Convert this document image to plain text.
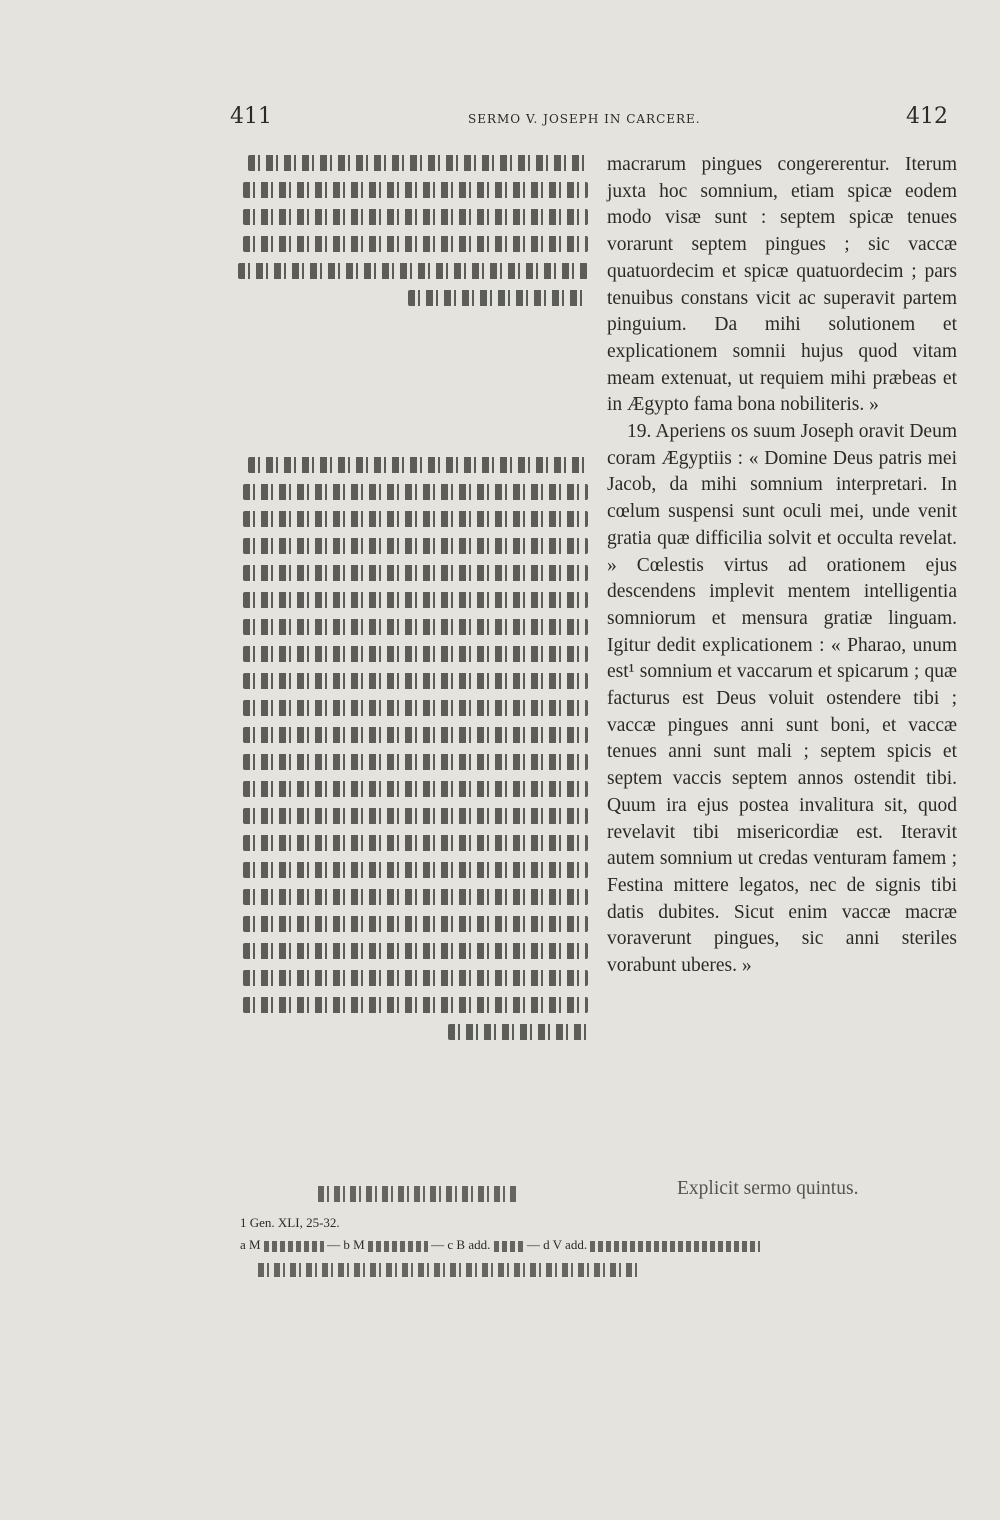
411	SERMO V. JOSEPH IN CARCERE.	412

macrarum pingues congererentur. Iterum juxta hoc somnium, etiam spicæ eodem modo visæ sunt : septem spicæ tenues vorarunt septem pingues ; sic vaccæ quatuordecim et spicæ quatuordecim ; pars tenuibus constans vicit ac superavit partem pinguium. Da mihi solutionem et explicationem somnii hujus quod vitam meam extenuat, ut requiem mihi præbeas et in Ægypto fama bona nobiliteris. »

19. Aperiens os suum Joseph oravit Deum coram Ægyptiis : « Domine Deus patris mei Jacob, da mihi somnium interpretari. In cœlum suspensi sunt oculi mei, unde venit gratia quæ difficilia solvit et occulta revelat. » Cœlestis virtus ad orationem ejus descendens implevit mentem intelligentia somniorum et mensura gratiæ linguam. Igitur dedit explicationem : « Pharao, unum est¹ somnium et vaccarum et spicarum ; quæ facturus est Deus voluit ostendere tibi ; vaccæ pingues anni sunt boni, et vaccæ tenues anni sunt mali ; septem spicis et septem vaccis septem annos ostendit tibi. Quum ira ejus postea invalitura sit, quod revelavit tibi misericordiæ est. Iteravit autem somnium ut credas venturam famem ; Festina mittere legatos, nec de signis tibi datis dubites. Sicut enim vaccæ macræ voraverunt pingues, sic anni steriles vorabunt uberes. »

Explicit sermo quintus.

1 Gen. XLI, 25-32.

a M	— b M	— c B add.	— d V add.
